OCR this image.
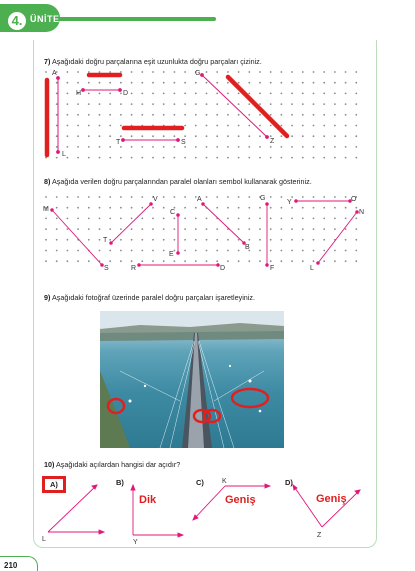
4. ÜNİTE
7) Aşağıdaki doğru parçalarına eşit uzunlukta doğru parçaları çiziniz.
A
L
H	D
T	S
G
Z
8) Aşağıda verilen doğru parçalarından paralel olanları sembol kullanarak gösteriniz.
M
S
V
T
C
E
A
B
R	D
G
F
Y	O
N
L
9) Aşağıdaki fotoğraf üzerinde paralel doğru parçaları işaretleyiniz.
10) Aşağıdaki açılardan hangisi dar açıdır?
A)	B)	C)	D)
L	Y
K
Z
Dik	Geniş	Geniş
210
